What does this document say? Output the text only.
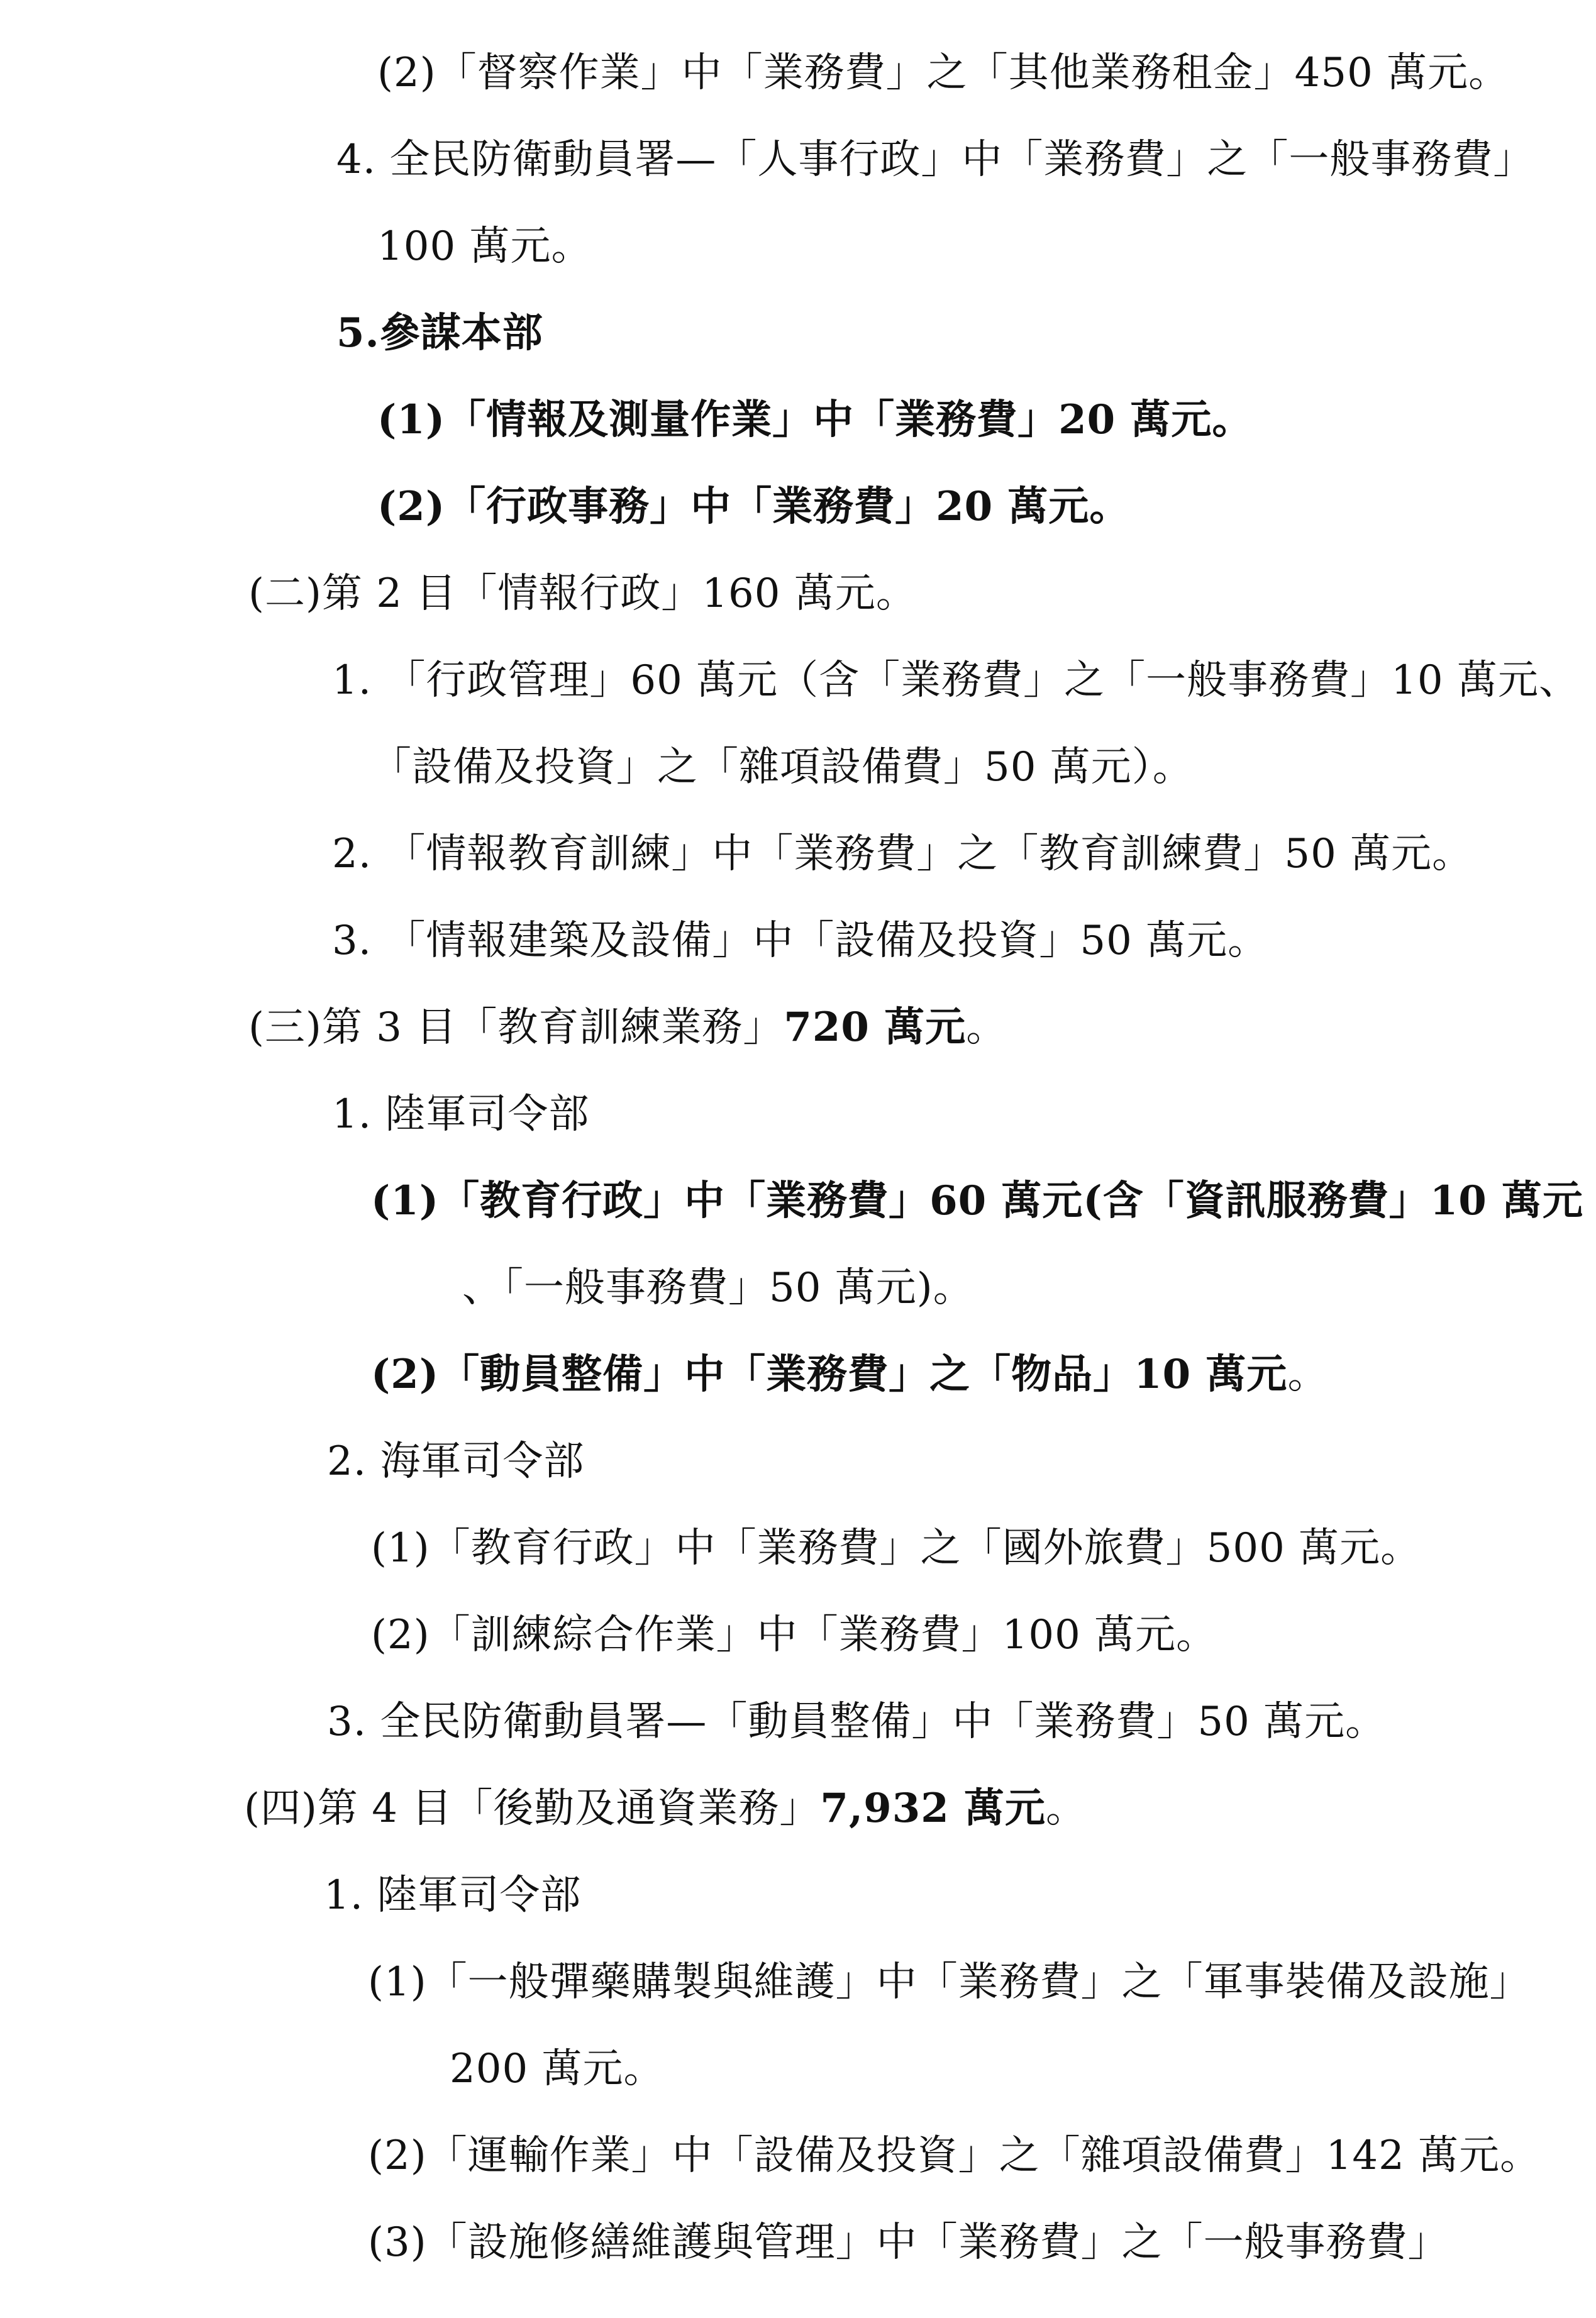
(2)「督察作業」中「業務費」之「其他業務租金」450 萬元。
4. 全民防衛動員署—「人事行政」中「業務費」之「一般事務費」
100 萬元。
5.參謀本部
(1)「情報及測量作業」中「業務費」20 萬元。
(2)「行政事務」中「業務費」20 萬元。
(二)第 2 目「情報行政」160 萬元。
1. 「行政管理」60 萬元（含「業務費」之「一般事務費」10 萬元、
「設備及投資」之「雜項設備費」50 萬元）。
2. 「情報教育訓練」中「業務費」之「教育訓練費」50 萬元。
3. 「情報建築及設備」中「設備及投資」50 萬元。
(三)第 3 目「教育訓練業務」720 萬元。
1. 陸軍司令部
(1)「教育行政」中「業務費」60 萬元(含「資訊服務費」10 萬元
、「一般事務費」50 萬元)。
(2)「動員整備」中「業務費」之「物品」10 萬元。
2. 海軍司令部
(1)「教育行政」中「業務費」之「國外旅費」500 萬元。
(2)「訓練綜合作業」中「業務費」100 萬元。
3. 全民防衛動員署—「動員整備」中「業務費」50 萬元。
(四)第 4 目「後勤及通資業務」7,932 萬元。
1. 陸軍司令部
(1)「一般彈藥購製與維護」中「業務費」之「軍事裝備及設施」
200 萬元。
(2)「運輸作業」中「設備及投資」之「雜項設備費」142 萬元。
(3)「設施修繕維護與管理」中「業務費」之「一般事務費」
